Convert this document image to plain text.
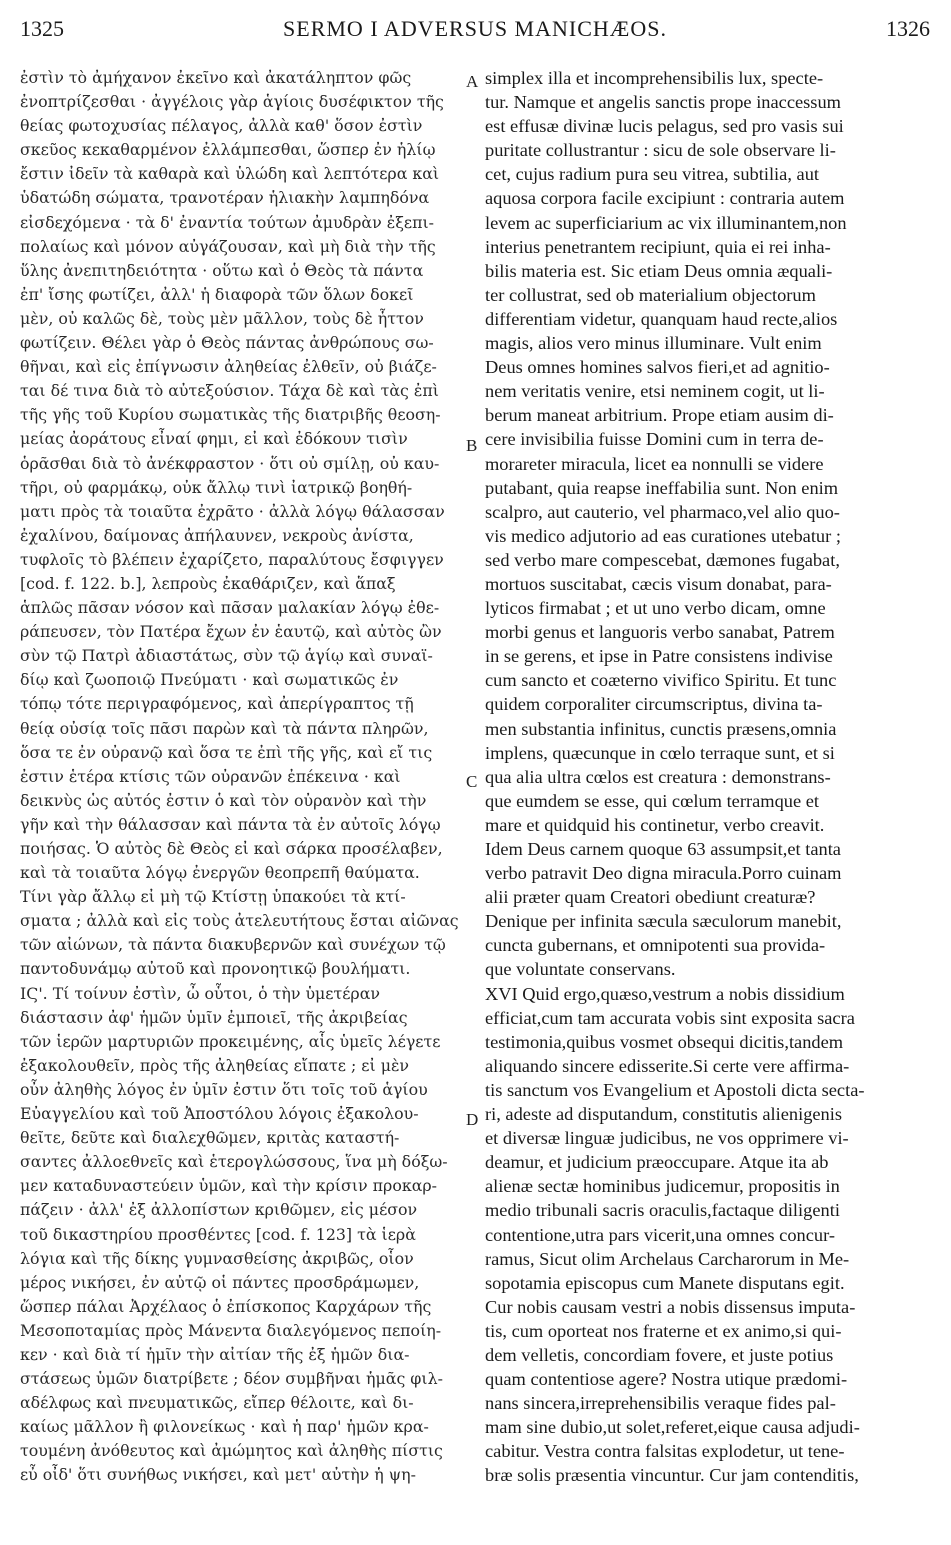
1325	SERMO I ADVERSUS MANICHÆOS.	1326
ἐστὶν τὸ ἀμήχανον ἐκεῖνο καὶ ἀκατάληπτον φῶς
ἐνοπτρίζεσθαι · ἀγγέλοις γὰρ ἁγίοις δυσέφικτον τῆς
θείας φωτοχυσίας πέλαγος, ἀλλὰ καθ' ὅσον ἐστὶν
σκεῦος κεκαθαρμένον ἐλλάμπεσθαι, ὥσπερ ἐν ἡλίῳ
ἔστιν ἰδεῖν τὰ καθαρὰ καὶ ὑλώδη καὶ λεπτότερα καὶ
ὑδατώδη σώματα, τρανοτέραν ἡλιακὴν λαμπηδόνα
εἰσδεχόμενα · τὰ δ' ἐναντία τούτων ἀμυδρὰν ἐξεπι-
πολαίως καὶ μόνον αὐγάζουσαν, καὶ μὴ διὰ τὴν τῆς
ὕλης ἀνεπιτηδειότητα · οὕτω καὶ ὁ Θεὸς τὰ πάντα
ἐπ' ἴσης φωτίζει, ἀλλ' ἡ διαφορὰ τῶν ὅλων δοκεῖ
μὲν, οὐ καλῶς δὲ, τοὺς μὲν μᾶλλον, τοὺς δὲ ἧττον
φωτίζειν. Θέλει γὰρ ὁ Θεὸς πάντας ἀνθρώπους σω-
θῆναι, καὶ εἰς ἐπίγνωσιν ἀληθείας ἐλθεῖν, οὐ βιάζε-
ται δέ τινα διὰ τὸ αὐτεξούσιον. Τάχα δὲ καὶ τὰς ἐπὶ
τῆς γῆς τοῦ Κυρίου σωματικὰς τῆς διατριβῆς θεοση-
μείας ἀοράτους εἶναί φημι, εἰ καὶ ἐδόκουν τισὶν
ὁρᾶσθαι διὰ τὸ ἀνέκφραστον · ὅτι οὐ σμίλῃ, οὐ καυ-
τῆρι, οὐ φαρμάκῳ, οὐκ ἄλλῳ τινὶ ἰατρικῷ βοηθή-
ματι πρὸς τὰ τοιαῦτα ἐχρᾶτο · ἀλλὰ λόγῳ θάλασσαν
ἐχαλίνου, δαίμονας ἀπήλαυνεν, νεκροὺς ἀνίστα,
τυφλοῖς τὸ βλέπειν ἐχαρίζετο, παραλύτους ἔσφιγγεν
[cod. f. 122. b.], λεπροὺς ἐκαθάριζεν, καὶ ἅπαξ
ἁπλῶς πᾶσαν νόσον καὶ πᾶσαν μαλακίαν λόγῳ ἐθε-
ράπευσεν, τὸν Πατέρα ἔχων ἐν ἑαυτῷ, καὶ αὐτὸς ὢν
σὺν τῷ Πατρὶ ἀδιαστάτως, σὺν τῷ ἁγίῳ καὶ συναϊ-
δίῳ καὶ ζωοποιῷ Πνεύματι · καὶ σωματικῶς ἐν
τόπῳ τότε περιγραφόμενος, καὶ ἀπερίγραπτος τῇ
θείᾳ οὐσίᾳ τοῖς πᾶσι παρὼν καὶ τὰ πάντα πληρῶν,
ὅσα τε ἐν οὐρανῷ καὶ ὅσα τε ἐπὶ τῆς γῆς, καὶ εἴ τις
ἐστιν ἑτέρα κτίσις τῶν οὐρανῶν ἐπέκεινα · καὶ
δεικνὺς ὡς αὐτός ἐστιν ὁ καὶ τὸν οὐρανὸν καὶ τὴν
γῆν καὶ τὴν θάλασσαν καὶ πάντα τὰ ἐν αὐτοῖς λόγῳ
ποιήσας. Ὁ αὐτὸς δὲ Θεὸς εἰ καὶ σάρκα προσέλαβεν,
καὶ τὰ τοιαῦτα λόγῳ ἐνεργῶν θεοπρεπῆ θαύματα.
Τίνι γὰρ ἄλλῳ εἰ μὴ τῷ Κτίστῃ ὑπακούει τὰ κτί-
σματα ; ἀλλὰ καὶ εἰς τοὺς ἀτελευτήτους ἔσται αἰῶνας
τῶν αἰώνων, τὰ πάντα διακυβερνῶν καὶ συνέχων τῷ
παντοδυνάμῳ αὐτοῦ καὶ προνοητικῷ βουλήματι.
ΙϚ'. Τί τοίνυν ἐστὶν, ὦ οὗτοι, ὁ τὴν ὑμετέραν
διάστασιν ἀφ' ἡμῶν ὑμῖν ἐμποιεῖ, τῆς ἀκριβείας
τῶν ἱερῶν μαρτυριῶν προκειμένης, αἷς ὑμεῖς λέγετε
ἐξακολουθεῖν, πρὸς τῆς ἀληθείας εἴπατε ; εἰ μὲν
οὖν ἀληθὴς λόγος ἐν ὑμῖν ἐστιν ὅτι τοῖς τοῦ ἁγίου
Εὐαγγελίου καὶ τοῦ Ἀποστόλου λόγοις ἐξακολου-
θεῖτε, δεῦτε καὶ διαλεχθῶμεν, κριτὰς καταστή-
σαντες ἀλλοεθνεῖς καὶ ἑτερογλώσσους, ἵνα μὴ δόξω-
μεν καταδυναστεύειν ὑμῶν, καὶ τὴν κρίσιν προκαρ-
πάζειν · ἀλλ' ἐξ ἀλλοπίστων κριθῶμεν, εἰς μέσον
τοῦ δικαστηρίου προσθέντες [cod. f. 123] τὰ ἱερὰ
λόγια καὶ τῆς δίκης γυμνασθείσης ἀκριβῶς, οἷον
μέρος νικήσει, ἐν αὐτῷ οἱ πάντες προσδράμωμεν,
ὥσπερ πάλαι Ἀρχέλαος ὁ ἐπίσκοπος Καρχάρων τῆς
Μεσοποταμίας πρὸς Μάνεντα διαλεγόμενος πεποίη-
κεν · καὶ διὰ τί ἡμῖν τὴν αἰτίαν τῆς ἐξ ἡμῶν δια-
στάσεως ὑμῶν διατρίβετε ; δέον συμβῆναι ἡμᾶς φιλ-
αδέλφως καὶ πνευματικῶς, εἴπερ θέλοιτε, καὶ δι-
καίως μᾶλλον ἢ φιλονείκως · καὶ ἡ παρ' ἡμῶν κρα-
τουμένη ἀνόθευτος καὶ ἀμώμητος καὶ ἀληθὴς πίστις
εὖ οἶδ' ὅτι συνήθως νικήσει, καὶ μετ' αὐτὴν ἡ ψη-
simplex illa et incomprehensibilis lux, specte-
tur. Namque et angelis sanctis prope inaccessum
est effusæ divinæ lucis pelagus, sed pro vasis sui
puritate collustrantur : sicu de sole observare li-
cet, cujus radium pura seu vitrea, subtilia, aut
aquosa corpora facile excipiunt : contraria autem
levem ac superficiarium ac vix illuminantem,non
interius penetrantem recipiunt, quia ei rei inha-
bilis materia est. Sic etiam Deus omnia æquali-
ter collustrat, sed ob materialium objectorum
differentiam videtur, quanquam haud recte,alios
magis, alios vero minus illuminare. Vult enim
Deus omnes homines salvos fieri,et ad agnitio-
nem veritatis venire, etsi neminem cogit, ut li-
berum maneat arbitrium. Prope etiam ausim di-
cere invisibilia fuisse Domini cum in terra de-
morareter miracula, licet ea nonnulli se videre
putabant, quia reapse ineffabilia sunt. Non enim
scalpro, aut cauterio, vel pharmaco,vel alio quo-
vis medico adjutorio ad eas curationes utebatur ;
sed verbo mare compescebat, dæmones fugabat,
mortuos suscitabat, cæcis visum donabat, para-
lyticos firmabat ; et ut uno verbo dicam, omne
morbi genus et languoris verbo sanabat, Patrem
in se gerens, et ipse in Patre consistens indivise
cum sancto et coæterno vivifico Spiritu. Et tunc
quidem corporaliter circumscriptus, divina ta-
men substantia infinitus, cunctis præsens,omnia
implens, quæcunque in cœlo terraque sunt, et si
qua alia ultra cœlos est creatura : demonstrans-
que eumdem se esse, qui cœlum terramque et
mare et quidquid his continetur, verbo creavit.
Idem Deus carnem quoque 63 assumpsit,et tanta
verbo patravit Deo digna miracula.Porro cuinam
alii præter quam Creatori obediunt creaturæ?
Denique per infinita sæcula sæculorum manebit,
cuncta gubernans, et omnipotenti sua provida-
que voluntate conservans.
XVI Quid ergo,quæso,vestrum a nobis dissidium
efficiat,cum tam accurata vobis sint exposita sacra
testimonia,quibus vosmet obsequi dicitis,tandem
aliquando sincere edisserite.Si certe vere affirma-
tis sanctum vos Evangelium et Apostoli dicta secta-
ri, adeste ad disputandum, constitutis alienigenis
et diversæ linguæ judicibus, ne vos opprimere vi-
deamur, et judicium præoccupare. Atque ita ab
alienæ sectæ hominibus judicemur, propositis in
medio tribunali sacris oraculis,factaque diligenti
contentione,utra pars vicerit,una omnes concur-
ramus, Sicut olim Archelaus Carcharorum in Me-
sopotamia episcopus cum Manete disputans egit.
Cur nobis causam vestri a nobis dissensus imputa-
tis, cum oporteat nos fraterne et ex animo,si qui-
dem velletis, concordiam fovere, et juste potius
quam contentiose agere? Nostra utique prædomi-
nans sincera,irreprehensibilis veraque fides pal-
mam sine dubio,ut solet,referet,eique causa adjudi-
cabitur. Vestra contra falsitas explodetur, ut tene-
bræ solis præsentia vincuntur. Cur jam contenditis,
A
B
C
D
